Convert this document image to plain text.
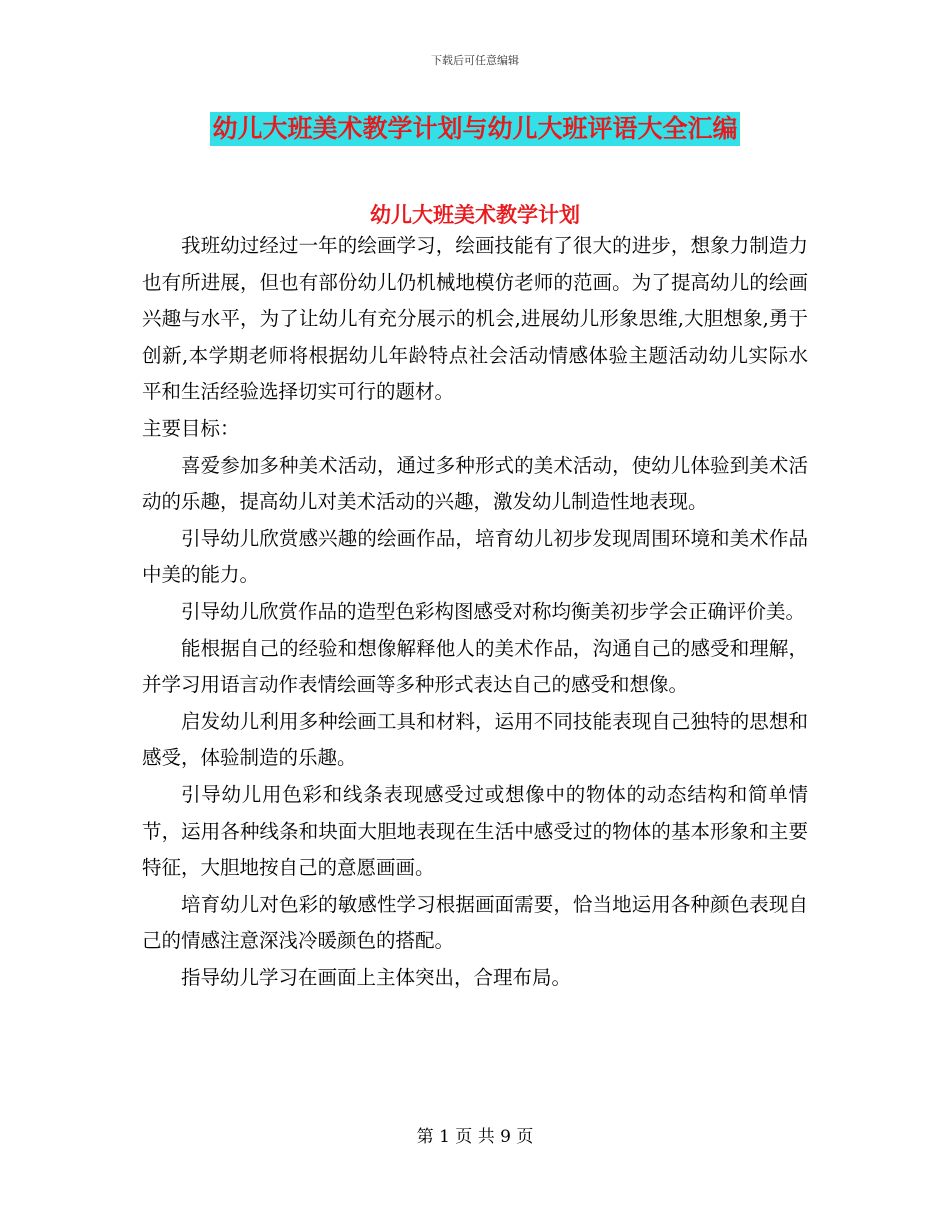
下载后可任意编辑
幼儿大班美术教学计划与幼儿大班评语大全汇编
幼儿大班美术教学计划

我班幼过经过一年的绘画学习，绘画技能有了很大的进步，想象力制造力也有所进展，但也有部份幼儿仍机械地模仿老师的范画。为了提高幼儿的绘画兴趣与水平，为了让幼儿有充分展示的机会,进展幼儿形象思维,大胆想象,勇于创新,本学期老师将根据幼儿年龄特点社会活动情感体验主题活动幼儿实际水平和生活经验选择切实可行的题材。

主要目标：

喜爱参加多种美术活动，通过多种形式的美术活动，使幼儿体验到美术活动的乐趣，提高幼儿对美术活动的兴趣，激发幼儿制造性地表现。

引导幼儿欣赏感兴趣的绘画作品，培育幼儿初步发现周围环境和美术作品中美的能力。

引导幼儿欣赏作品的造型色彩构图感受对称均衡美初步学会正确评价美。

能根据自己的经验和想像解释他人的美术作品，沟通自己的感受和理解，并学习用语言动作表情绘画等多种形式表达自己的感受和想像。

启发幼儿利用多种绘画工具和材料，运用不同技能表现自己独特的思想和感受，体验制造的乐趣。

引导幼儿用色彩和线条表现感受过或想像中的物体的动态结构和简单情节，运用各种线条和块面大胆地表现在生活中感受过的物体的基本形象和主要特征，大胆地按自己的意愿画画。

培育幼儿对色彩的敏感性学习根据画面需要，恰当地运用各种颜色表现自己的情感注意深浅冷暖颜色的搭配。

指导幼儿学习在画面上主体突出，合理布局。

第 1 页 共 9 页
